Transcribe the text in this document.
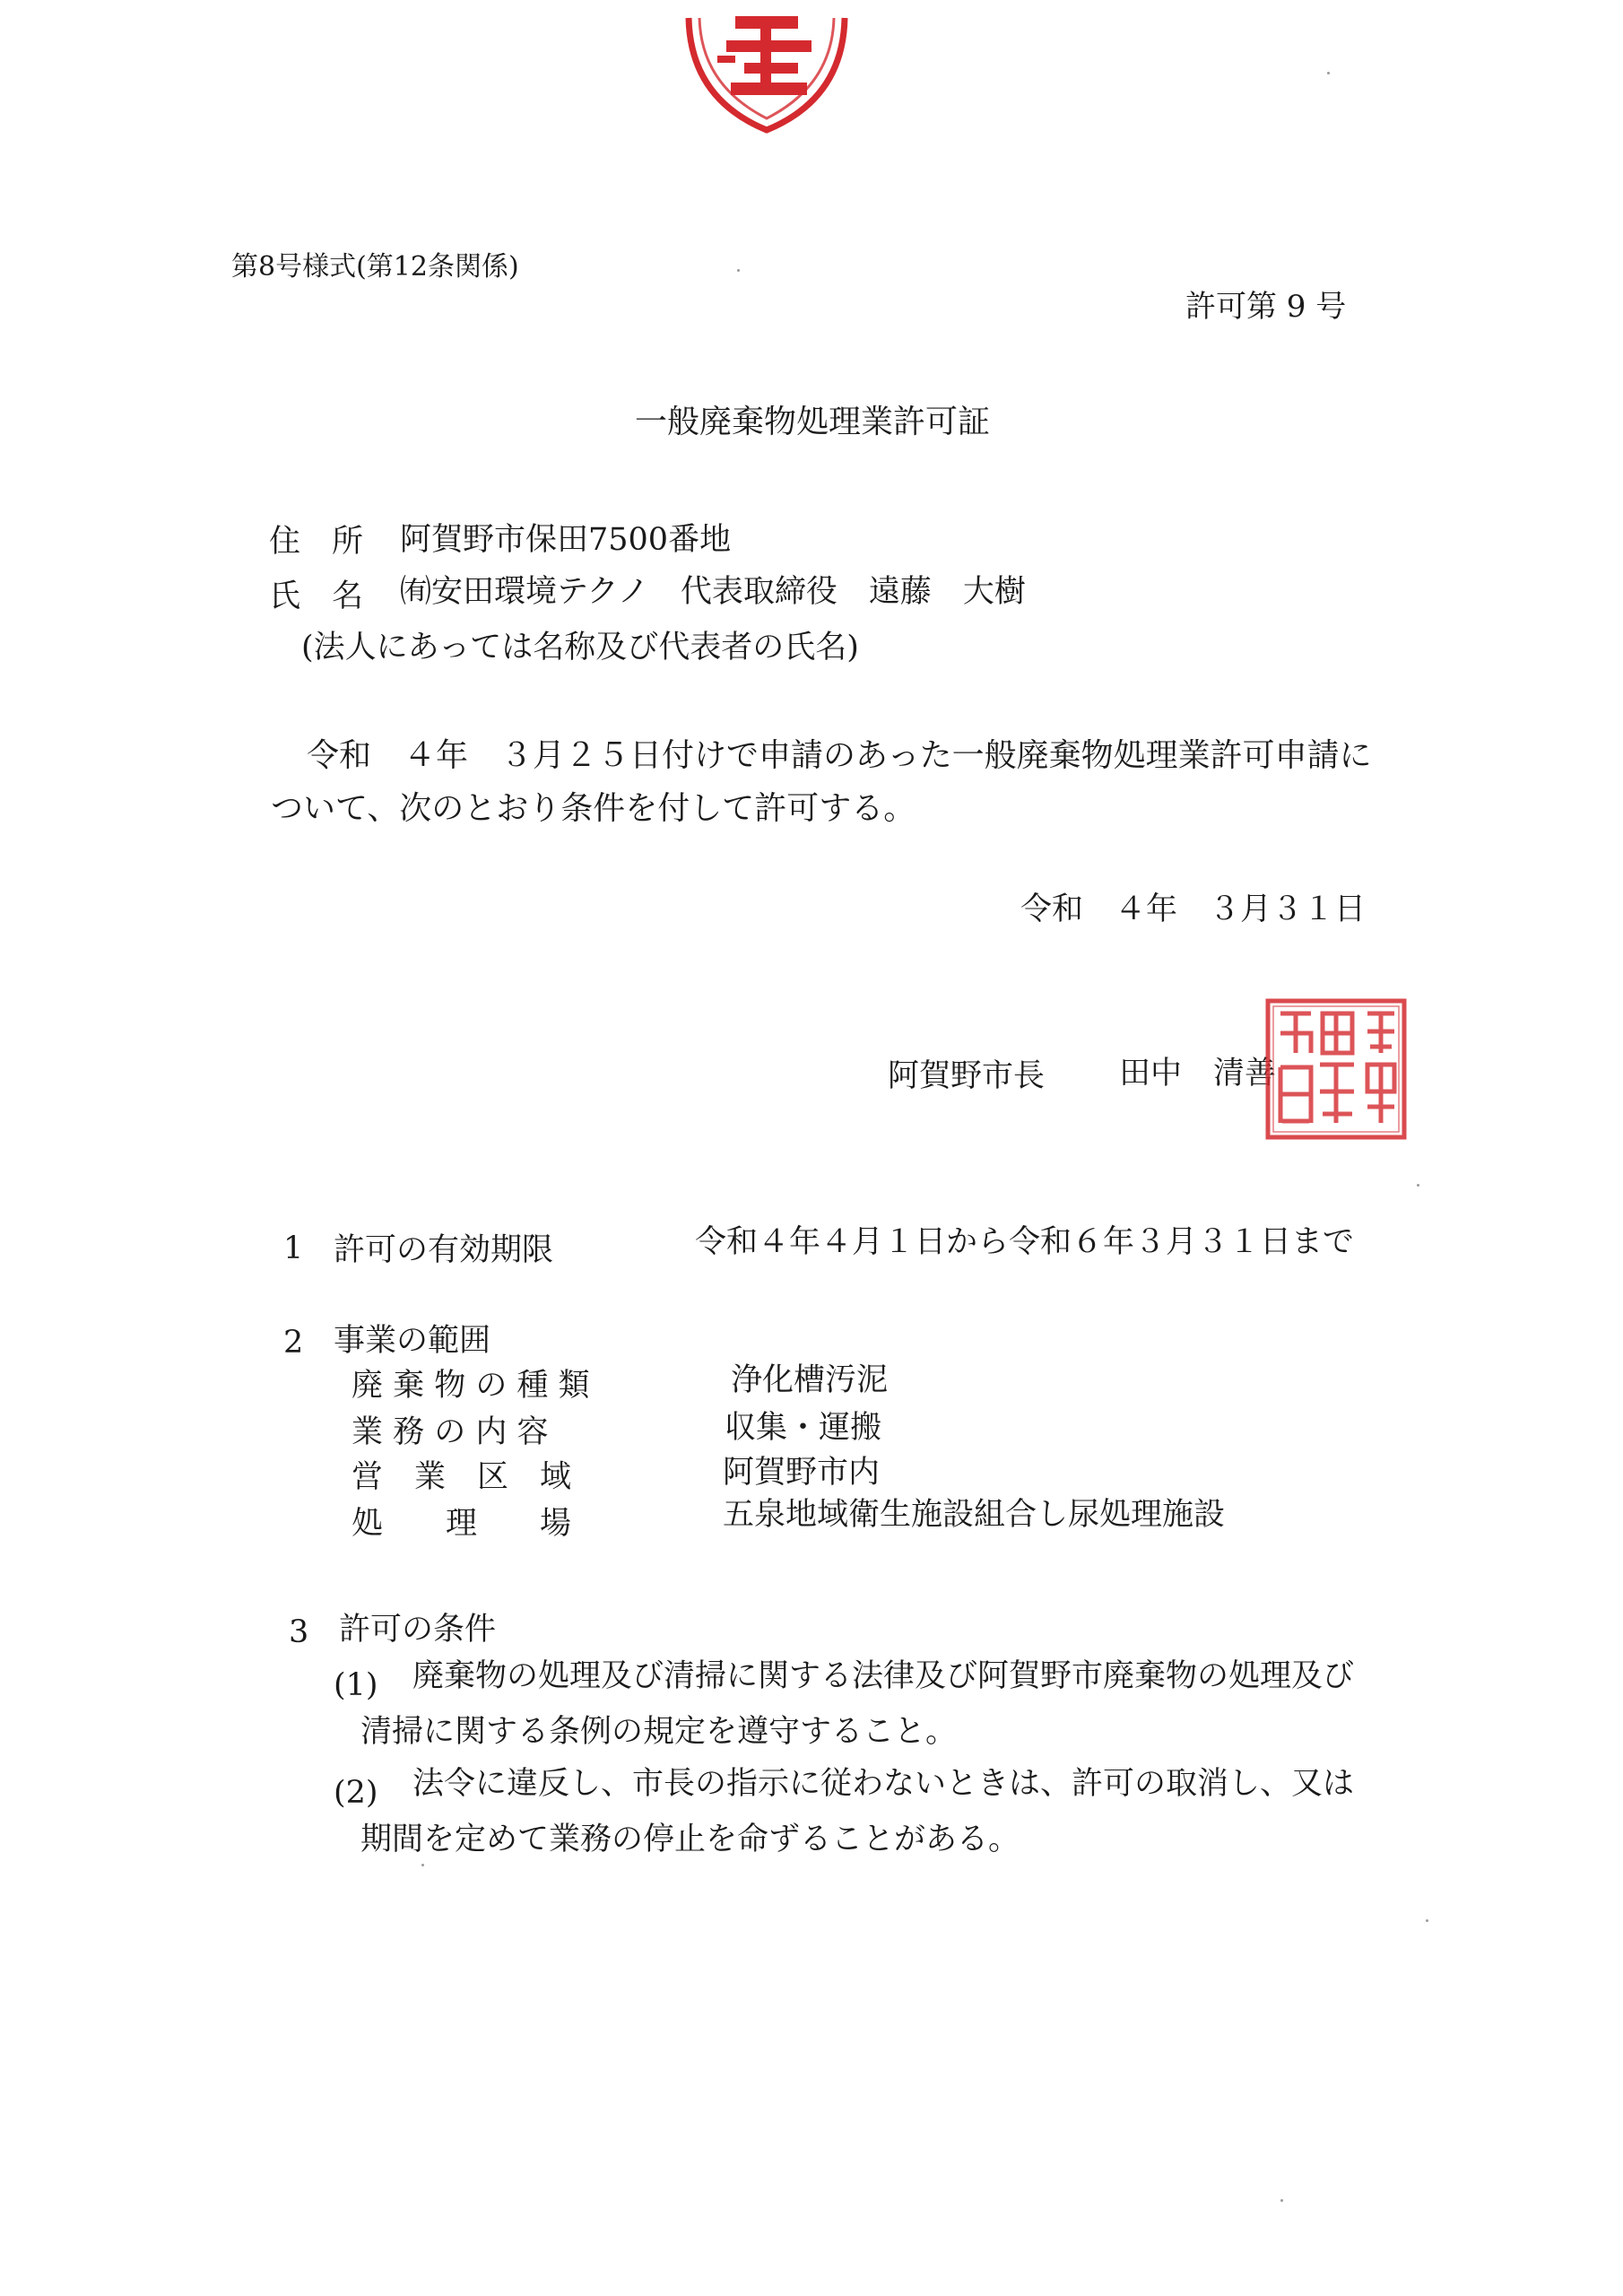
第8号様式(第12条関係)
許可第 9 号
一般廃棄物処理業許可証
住　所 阿賀野市保田7500番地
氏　名 ㈲安田環境テクノ　代表取締役　遠藤　大樹
(法人にあっては名称及び代表者の氏名)
令和　４年　３月２５日付けで申請のあった一般廃棄物処理業許可申請に
ついて、次のとおり条件を付して許可する。
令和　４年　３月３１日
阿賀野市長 田中　清善
1 許可の有効期限	令和４年４月１日から令和６年３月３１日まで
2 事業の範囲
廃 棄 物 の 種 類	浄化槽汚泥
業 務 の 内 容	収集・運搬
営　業　区　域	阿賀野市内
処　　理　　場	五泉地域衛生施設組合し尿処理施設
3 許可の条件
(1) 廃棄物の処理及び清掃に関する法律及び阿賀野市廃棄物の処理及び
清掃に関する条例の規定を遵守すること。
(2) 法令に違反し、市長の指示に従わないときは、許可の取消し、又は
期間を定めて業務の停止を命ずることがある。
